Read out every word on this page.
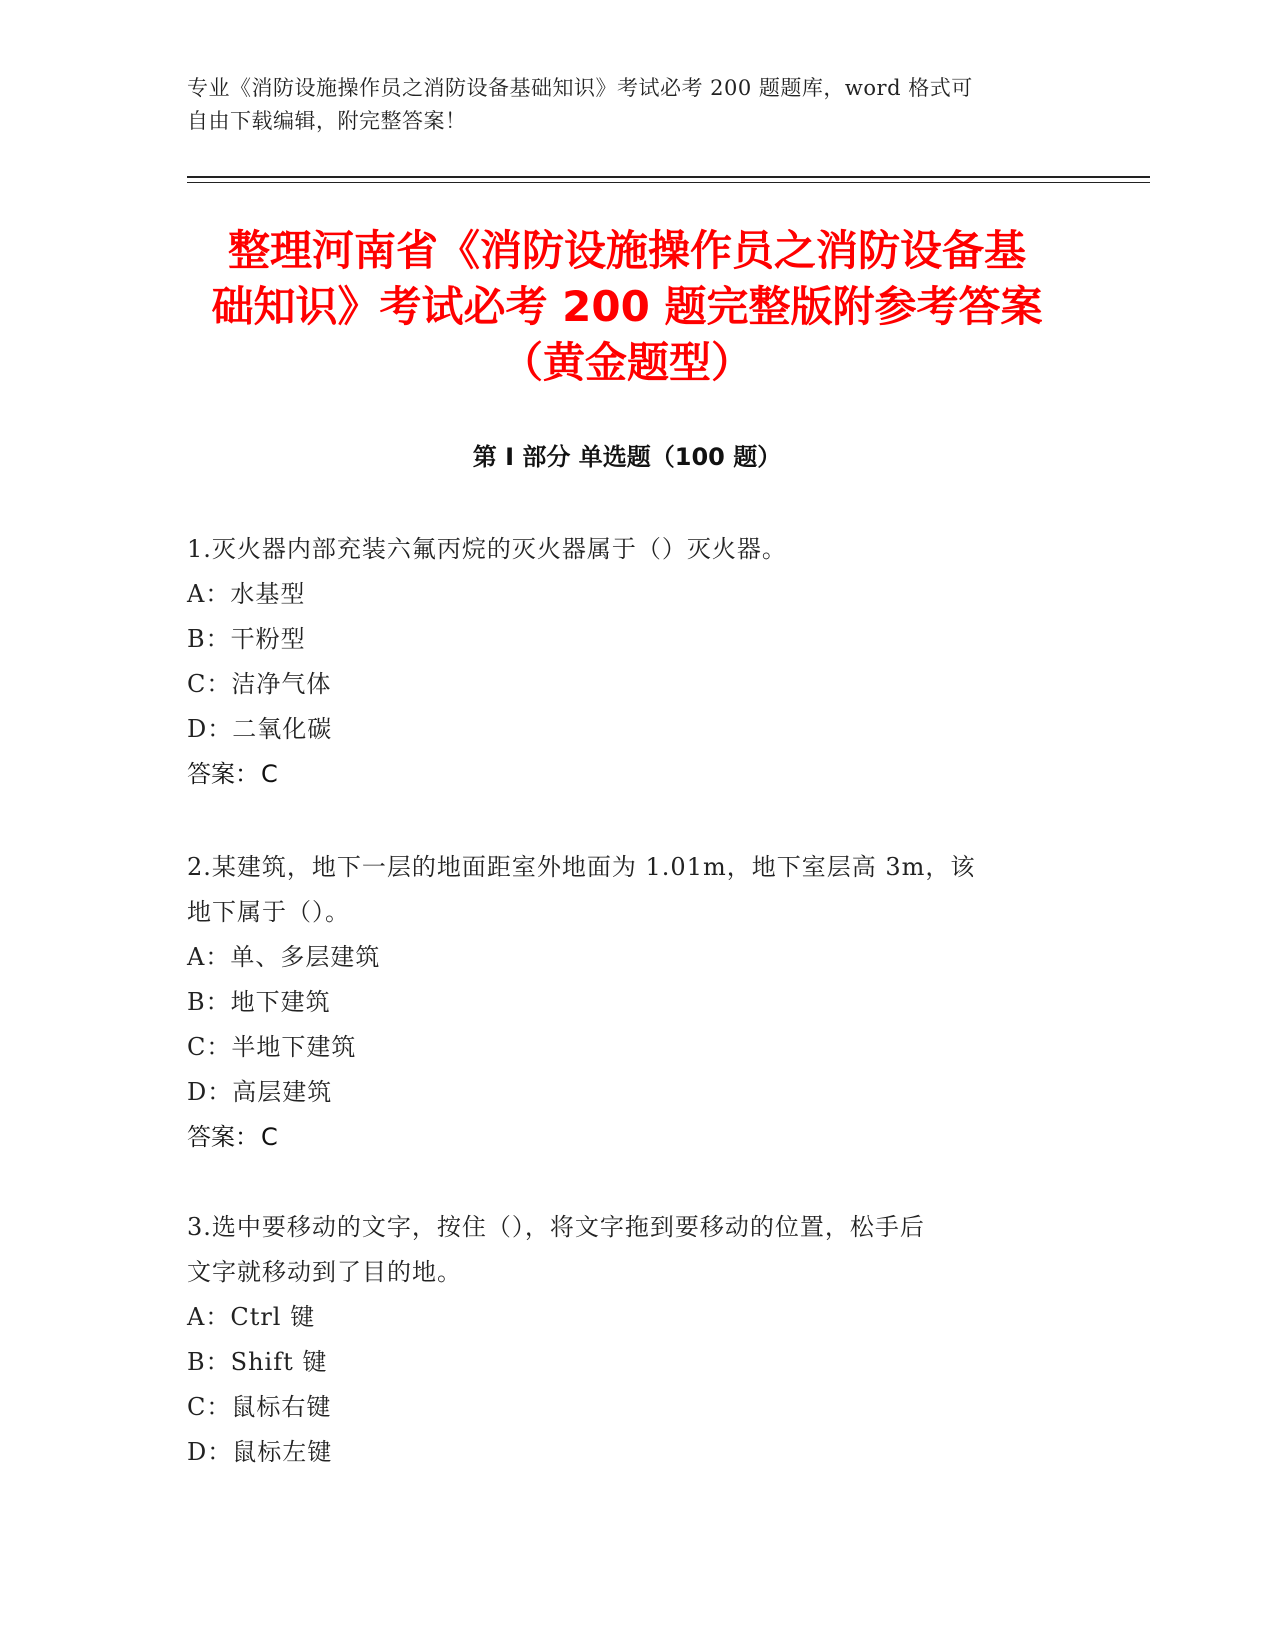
专业《消防设施操作员之消防设备基础知识》考试必考 200 题题库，word 格式可
自由下载编辑，附完整答案！
整理河南省《消防设施操作员之消防设备基
础知识》考试必考 200 题完整版附参考答案
（黄金题型）
第 I 部分 单选题（100 题）
1.灭火器内部充装六氟丙烷的灭火器属于（）灭火器。
A：水基型
B：干粉型
C：洁净气体
D：二氧化碳
答案：C
2.某建筑，地下一层的地面距室外地面为 1.01m，地下室层高 3m，该
地下属于（）。
A：单、多层建筑
B：地下建筑
C：半地下建筑
D：高层建筑
答案：C
3.选中要移动的文字，按住（），将文字拖到要移动的位置，松手后
文字就移动到了目的地。
A：Ctrl 键
B：Shift 键
C：鼠标右键
D：鼠标左键
